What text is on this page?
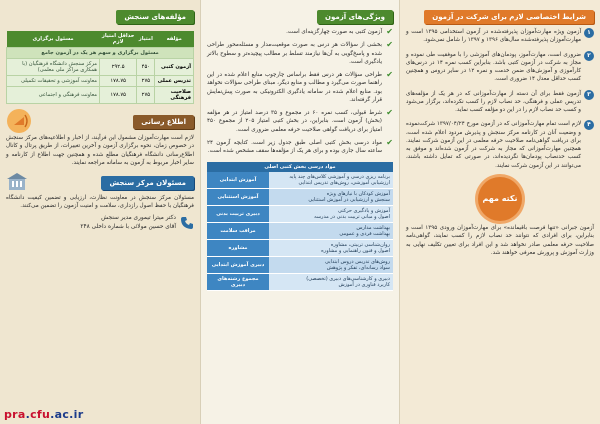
شرایط اختصاصی لازم برای شرکت در آزمون
۱
آزمون ویژه مهارت‌آموزان پذیرفته‌شده در آزمون استخدامی ۱۳۹۵ است و مهارت‌آموزان پذیرفته‌شده سال‌های ۱۳۹۶ و ۱۳۹۷ را شامل نمی‌شود.
۲
ضروری است، مهارت‌آموز، پودمان‌های آموزشی را با موفقیت طی نموده و مجاز به شرکت در آزمون کتبی باشد. بنابراین کسب نمره ۱۴ در درس‌های کارآموزی و آموزش‌های ضمن خدمت و نمره ۱۲ در سایر دروس و همچنین کسب حداقل معدل ۱۴ ضروری است.
۳
آزمون فقط برای آن دسته از مهارت‌آموزانی که در هر یک از مؤلفه‌های تدریس عملی و فرهنگی، حد نصاب لازم را کسب نکرده‌اند، برگزار می‌شود و کسب حد نصاب لازم را در این دو مؤلفه کسب نماید.
۴
لازم است تمام مهارت‌آموزانی که در آزمون مورخ ۱۳۹۷/۰۴/۲۴ شرکت‌نموده و وضعیت آنان در کارنامه مرکز سنجش و پذیرش مردود اعلام شده است، برای دریافت گواهی‌نامه صلاحیت حرفه معلمی در این آزمون شرکت نمایند. همچنین مهارت‌آموزانی که مجاز به شرکت در آزمون شده‌اند و موفق به کسب حدنصاب پودمان‌ها نگردیده‌اند، در صورتی که تمایل داشته باشند، می‌توانند در این آزمون شرکت نمایند.
نکته مهم

آزمون جبرانی «تنها فرصت باقیمانده» برای مهارت‌آموزان ورودی ۱۳۹۵ است و بنابراین، برای افرادی که نتوانند حد نصاب لازم را کسب نمایند، گواهی‌نامه صلاحیت حرفه معلمی صادر نخواهد شد و این افراد برای تعیین تکلیف نهایی به وزارت آموزش و پرورش معرفی خواهند شد.

ویژگی‌های آزمون
✔
آزمون کتبی به صورت چهارگزینه‌ای است.
✔
بخشی از سؤالات هر درس به صورت موقعیت‌مدار و مسئله‌محور طراحی شده و پاسخ‌گویی به آن‌ها نیازمند تسلط بر مطالب پیچیده‌تر و سطوح بالاتر یادگیری است.
✔
طراحی سؤالات هر درس فقط براساس چارچوب منابع اعلام شده در این راهنما صورت می‌گیرد و مطالب و منابع دیگر، مبنای طراحی سؤالات نخواهد بود. منابع اعلام شده در سامانه یادگیری الکترونیکی به صورت پیش‌نمایش قرار گرفته‌اند.
✔
شرط قبولی، کسب نمره ۶۰ در مجموع و ۳۵ درصد امتیاز در هر مؤلفه (بخش) آزمون است. بنابراین، در بخش کتبی امتیاز ۲۰۵ از مجموع ۴۵۰ امتیاز برای دریافت گواهی صلاحیت حرفه معلمی ضروری است.
✔
مواد درسی بخش کتبی اصلی طبق جدول زیر است. کتابچه آزمون ۲۴ ساعته سال جاری بوده و برای هر یک از مؤلفه‌ها سقف مشخص شده است.
مواد درسی بخش کتبی اصلی	

برنامه ریزی درسی و آموزشی کلاس‌های چند پایه
ارزشیابی آموزشی، روش‌های تدریس ابتدایی	آموزش ابتدایی

آموزش کودکان با نیازهای ویژه
سنجش و ارزشیابی در آموزش استثنایی	آموزش استثنایی

آموزش و یادگیری حرکتی
اصول و مبانی تربیت بدنی در مدرسه	دبیری تربیت بدنی

بهداشت مدارس
بهداشت فردی و عمومی	مراقب سلامت

روان‌شناسی تربیتی، مشاوره
اصول و فنون راهنمایی و مشاوره	مشاوره

روش‌های تدریس دروس ابتدایی
سواد رسانه‌ای، تفکر و پژوهش	دبیری آموزش ابتدایی

دبیری و کارشناسی‌های دبیری (تخصصی)
کاربرد فناوری در آموزش	مجموع رشته‌های دبیری
مؤلفه‌های سنجش
مؤلفه	امتیاز	حداقل امتیاز لازم	مسئول برگزاری
مسئول برگزاری و سهم هر یک در آزمون جامع			
آزمون کتبی	۴۵۰	۲۹۲.۵	مرکز سنجش دانشگاه فرهنگیان (با همکاری مراکز ملی معلمی)
تدریس عملی	۲۷۵	۱۷۸.۷۵	معاونت آموزشی و تحقیقات تکمیلی
صلاحیت فرهنگی	۲۷۵	۱۷۸.۷۵	معاونت فرهنگی و اجتماعی
اطلاع رسانی

لازم است مهارت‌آموزان مشمول این فرآیند، از اخبار و اطلاعیه‌های مرکز سنجش در خصوص زمان، نحوه برگزاری آزمون و آخرین تغییرات، از طریق پرتال و کانال اطلاع‌رسانی دانشگاه فرهنگیان مطلع شده و همچنین جهت اطلاع از کارنامه و سایر اخبار مربوط به آزمون به سامانه مراجعه نمایند.

مسئولان مرکز سنجش

مسئولان مرکز سنجش در معاونت نظارت، ارزیابی و تضمین کیفیت دانشگاه فرهنگیان با حفظ اصول رازداری، سلامت و امنیت آزمون را تضمین می‌کنند.

دکتر میترا تیموری مدیر سنجش
آقای حسین مولائی با شماره داخلی ۲۴۸
pra.cfu.ac.ir
